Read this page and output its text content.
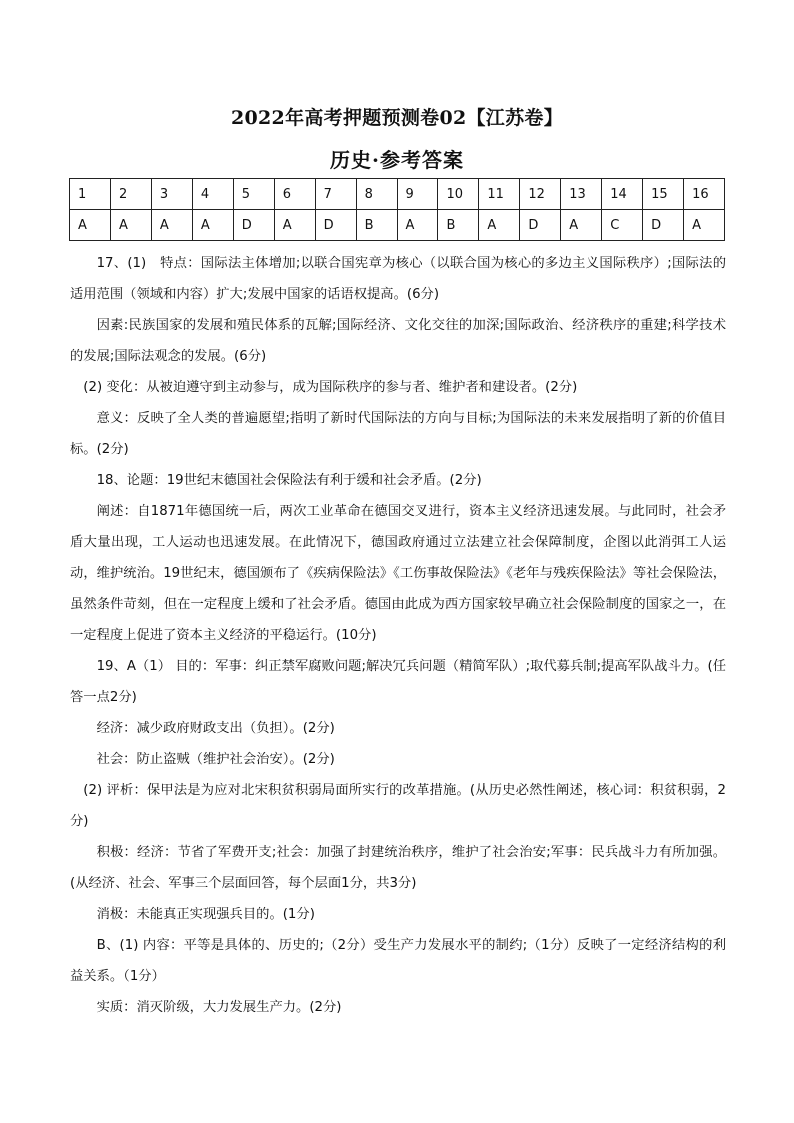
2022年高考押题预测卷02【江苏卷】
历史·参考答案
1	2	3	4	5	6	7	8	9	10	11	12	13	14	15	16
A	A	A	A	D	A	D	B	A	B	A	D	A	C	D	A

17、(1)　特点：国际法主体增加;以联合国宪章为核心（以联合国为核心的多边主义国际秩序）;国际法的适用范围（领域和内容）扩大;发展中国家的话语权提高。(6分)

因素:民族国家的发展和殖民体系的瓦解;国际经济、文化交往的加深;国际政治、经济秩序的重建;科学技术的发展;国际法观念的发展。(6分)

(2) 变化：从被迫遵守到主动参与，成为国际秩序的参与者、维护者和建设者。(2分)

意义：反映了全人类的普遍愿望;指明了新时代国际法的方向与目标;为国际法的未来发展指明了新的价值目标。(2分)

18、论题：19世纪末德国社会保险法有利于缓和社会矛盾。(2分)

阐述：自1871年德国统一后，两次工业革命在德国交叉进行，资本主义经济迅速发展。与此同时，社会矛盾大量出现，工人运动也迅速发展。在此情况下，德国政府通过立法建立社会保障制度，企图以此消弭工人运动，维护统治。19世纪末，德国颁布了《疾病保险法》《工伤事故保险法》《老年与残疾保险法》等社会保险法，虽然条件苛刻，但在一定程度上缓和了社会矛盾。德国由此成为西方国家较早确立社会保险制度的国家之一，在一定程度上促进了资本主义经济的平稳运行。(10分)

19、A（1） 目的：军事：纠正禁军腐败问题;解决冗兵问题（精简军队）;取代募兵制;提高军队战斗力。(任答一点2分)

经济：减少政府财政支出（负担）。(2分)

社会：防止盗贼（维护社会治安）。(2分)

(2) 评析：保甲法是为应对北宋积贫积弱局面所实行的改革措施。(从历史必然性阐述，核心词：积贫积弱，2分)

积极：经济：节省了军费开支;社会：加强了封建统治秩序，维护了社会治安;军事：民兵战斗力有所加强。(从经济、社会、军事三个层面回答，每个层面1分，共3分)

消极：未能真正实现强兵目的。(1分)

B、(1) 内容：平等是具体的、历史的;（2分）受生产力发展水平的制约;（1分）反映了一定经济结构的利益关系。（1分）

实质：消灭阶级，大力发展生产力。(2分)
